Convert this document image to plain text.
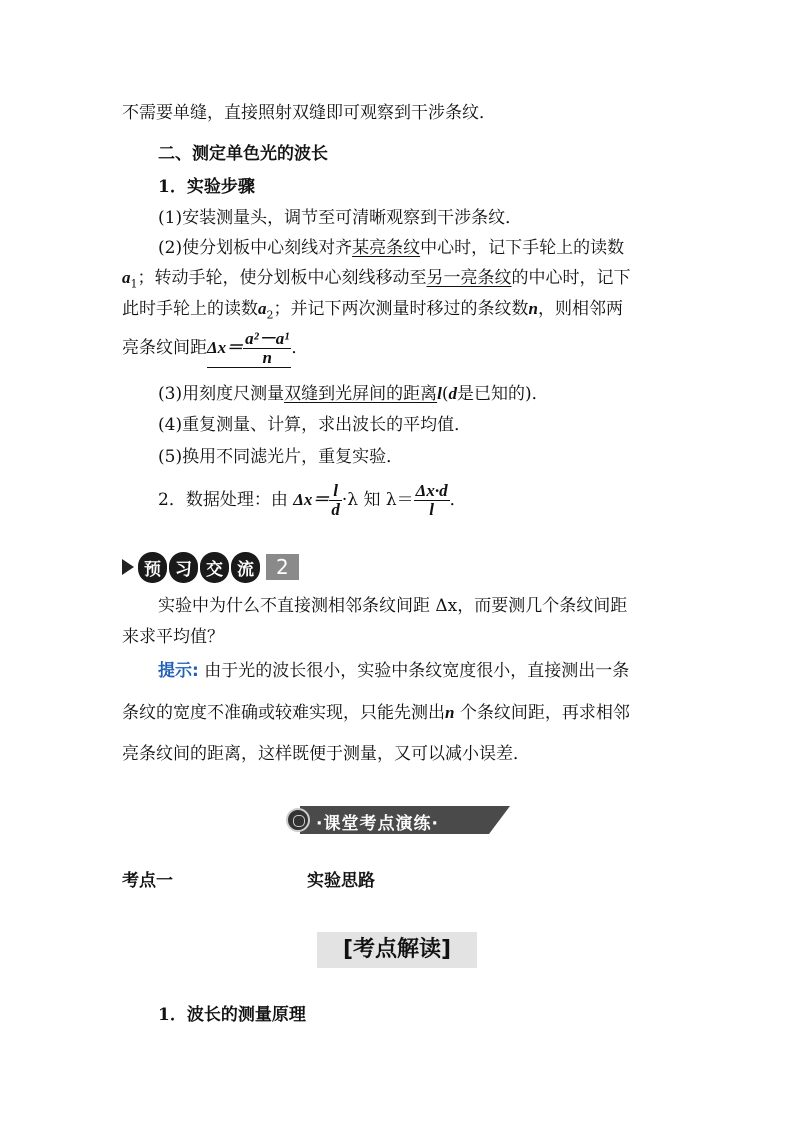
不需要单缝，直接照射双缝即可观察到干涉条纹．
二、测定单色光的波长
1．实验步骤
(1)安装测量头，调节至可清晰观察到干涉条纹．
(2)使分划板中心刻线对齐某亮条纹中心时，记下手轮上的读数
$a_1$；转动手轮，使分划板中心刻线移动至另一亮条纹的中心时，记下
此时手轮上的读数$a_2$；并记下两次测量时移过的条纹数n，则相邻两
亮条纹间距$\Delta x= \frac{\text{a²－a¹}}{n}$ ．
(3)用刻度尺测量双缝到光屏间的距离l(d是已知的)．
(4)重复测量、计算，求出波长的平均值．
(5)换用不同滤光片，重复实验．
2．数据处理：由 $\Delta x= \frac{l}{d} \cdot\lambda$ 知 $\lambda= \frac{\Delta x\cdot d}{l}$ ．
预 习 交 流	2
实验中为什么不直接测相邻条纹间距 Δx，而要测几个条纹间距
来求平均值？
提示: 由于光的波长很小，实验中条纹宽度很小，直接测出一条
条纹的宽度不准确或较难实现，只能先测出n 个条纹间距，再求相邻
亮条纹间的距离，这样既便于测量，又可以减小误差．
·课堂考点演练·
考点一	实验思路
[考点解读]
1．波长的测量原理
